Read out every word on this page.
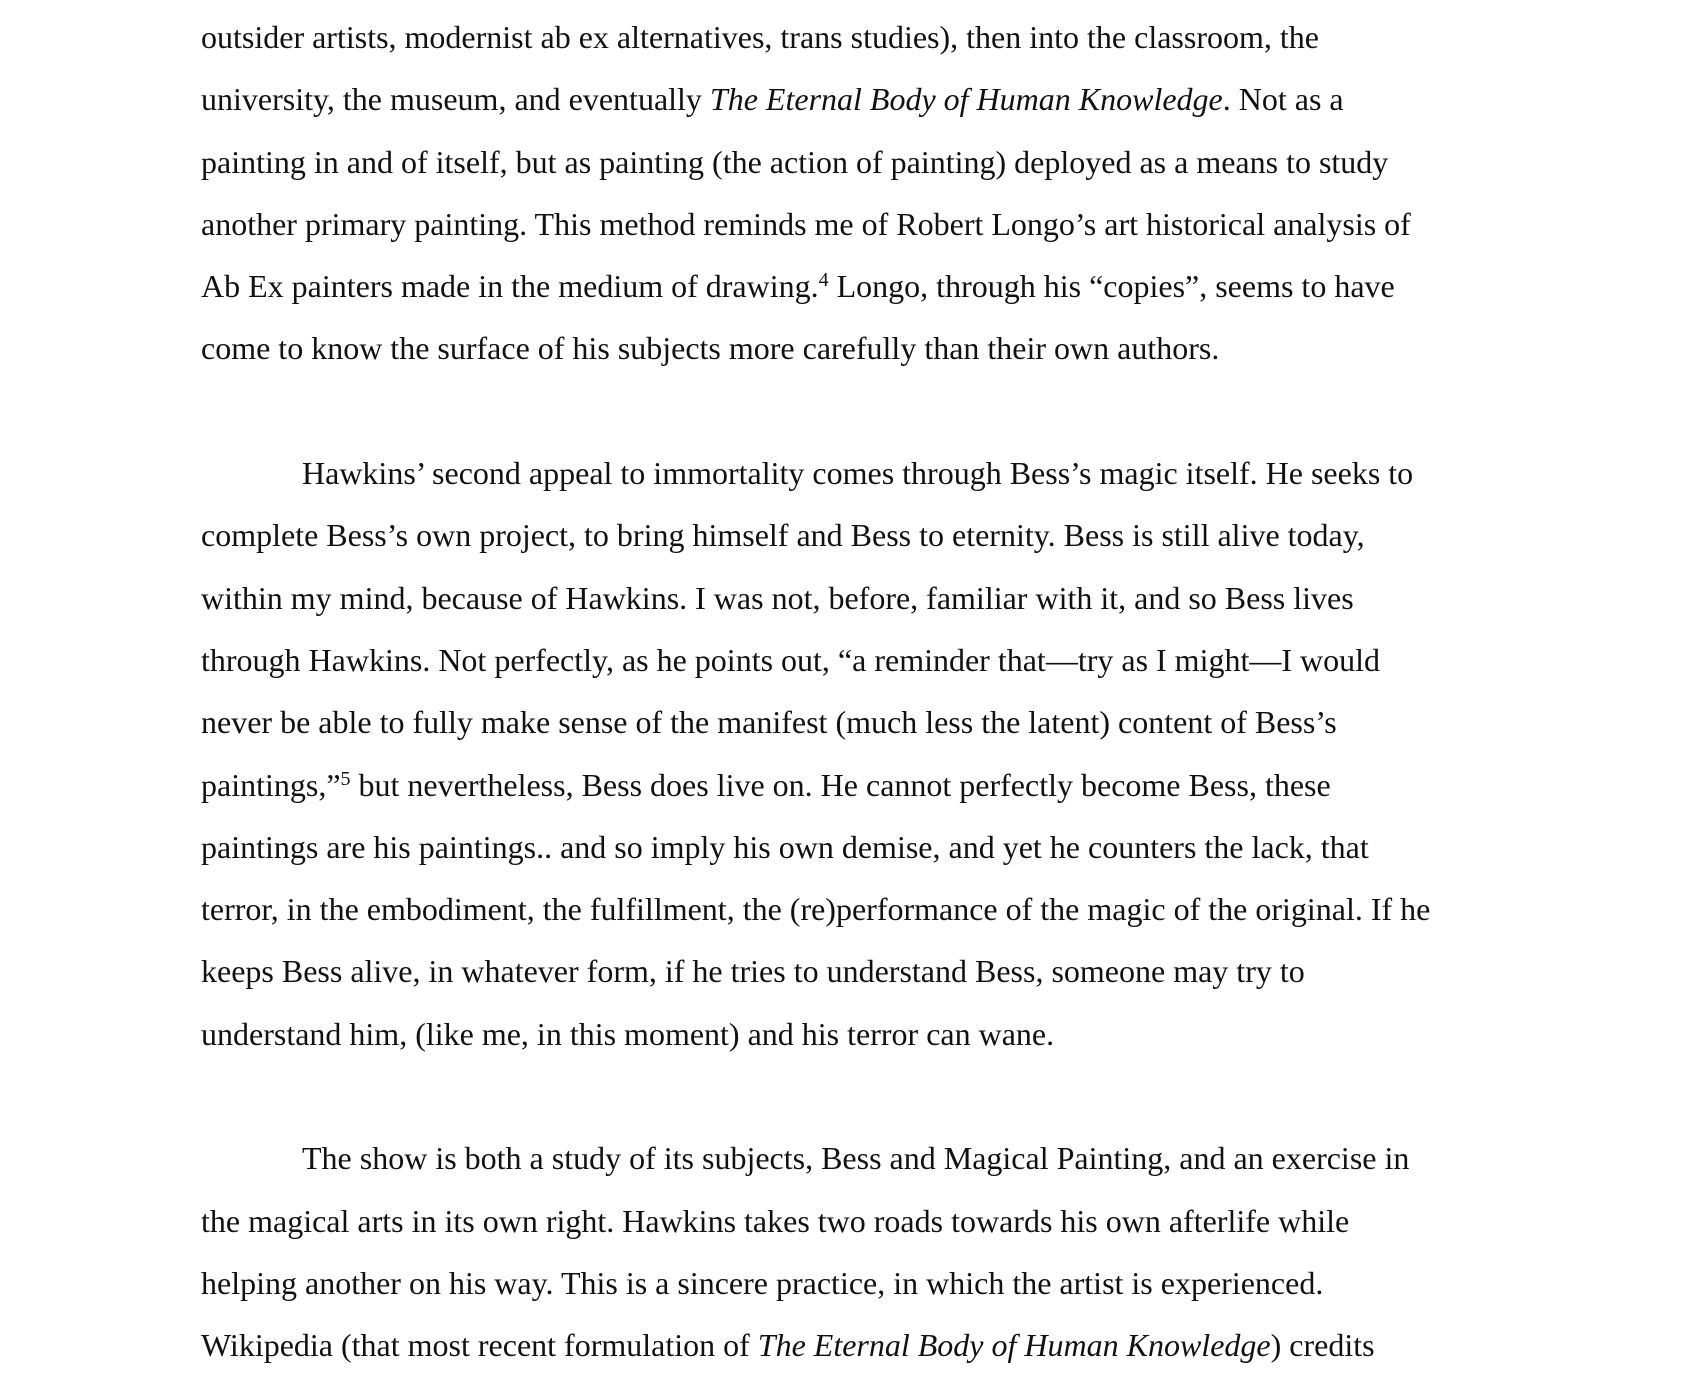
outsider artists, modernist ab ex alternatives, trans studies), then into the classroom, the
university, the museum, and eventually The Eternal Body of Human Knowledge. Not as a
painting in and of itself, but as painting (the action of painting) deployed as a means to study
another primary painting. This method reminds me of Robert Longo’s art historical analysis of
Ab Ex painters made in the medium of drawing.$^4$ Longo, through his “copies”, seems to have
come to know the surface of his subjects more carefully than their own authors.

Hawkins’ second appeal to immortality comes through Bess’s magic itself. He seeks to
complete Bess’s own project, to bring himself and Bess to eternity. Bess is still alive today,
within my mind, because of Hawkins. I was not, before, familiar with it, and so Bess lives
through Hawkins. Not perfectly, as he points out, “a reminder that—try as I might—I would
never be able to fully make sense of the manifest (much less the latent) content of Bess’s
paintings,”$^5$ but nevertheless, Bess does live on. He cannot perfectly become Bess, these
paintings are his paintings.. and so imply his own demise, and yet he counters the lack, that
terror, in the embodiment, the fulfillment, the (re)performance of the magic of the original. If he
keeps Bess alive, in whatever form, if he tries to understand Bess, someone may try to
understand him, (like me, in this moment) and his terror can wane.

The show is both a study of its subjects, Bess and Magical Painting, and an exercise in
the magical arts in its own right. Hawkins takes two roads towards his own afterlife while
helping another on his way. This is a sincere practice, in which the artist is experienced.
Wikipedia (that most recent formulation of The Eternal Body of Human Knowledge) credits
